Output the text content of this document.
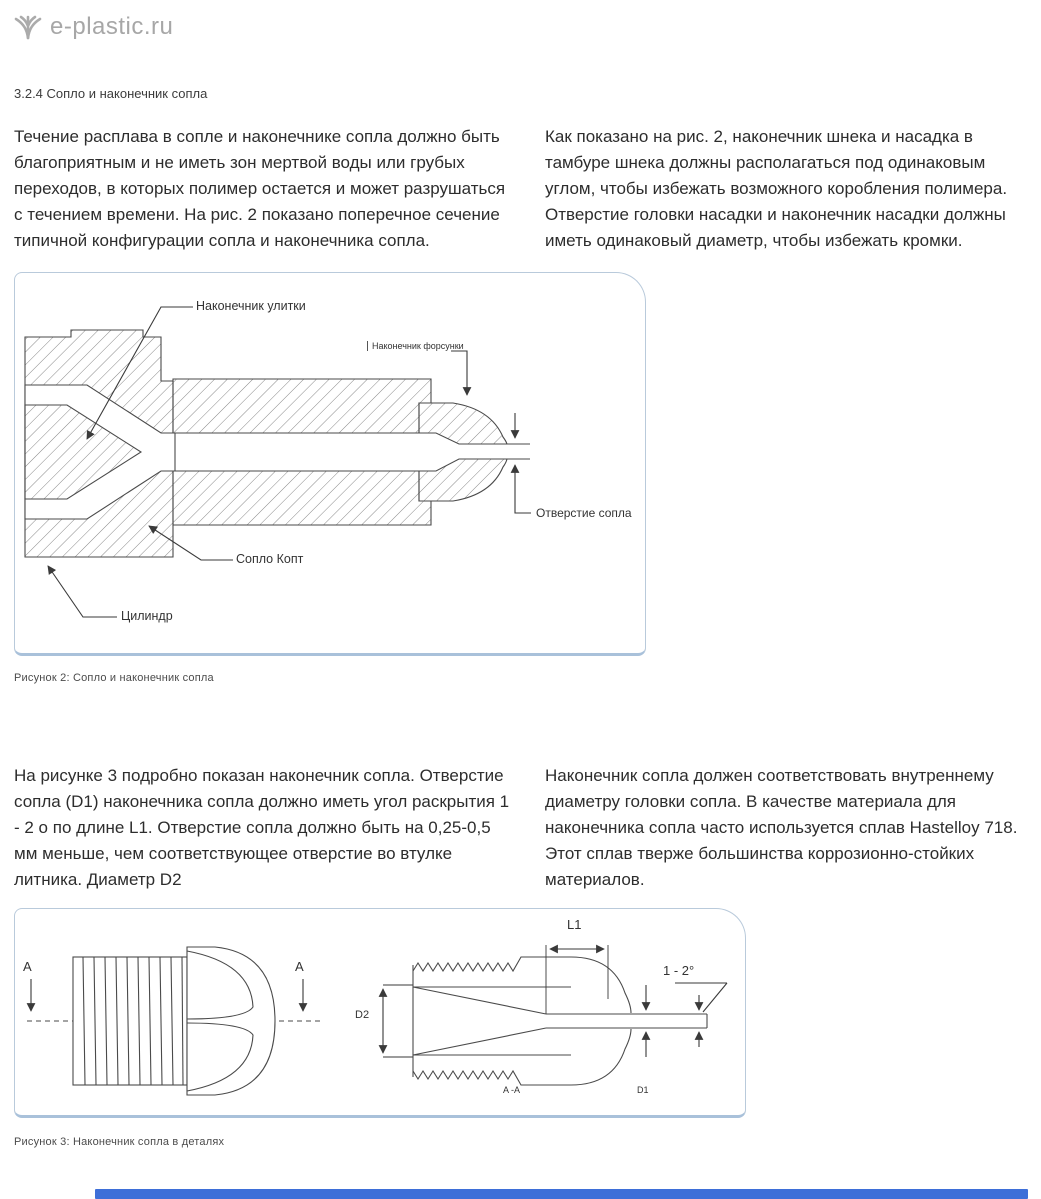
e-plastic.ru
3.2.4 Сопло и наконечник сопла
Течение расплава в сопле и наконечнике сопла должно быть благоприятным и не иметь зон мертвой воды или грубых переходов, в которых полимер остается и может разрушаться с течением времени. На рис. 2 показано поперечное сечение типичной конфигурации сопла и наконечника сопла.
Как показано на рис. 2, наконечник шнека и насадка в тамбуре шнека должны располагаться под одинаковым углом, чтобы избежать возможного коробления полимера. Отверстие головки насадки и наконечник насадки должны иметь одинаковый диаметр, чтобы избежать кромки.
Наконечник улитки
Наконечник форсунки
Отверстие сопла
Сопло Копт
Цилиндр
Рисунок 2: Сопло и наконечник сопла
На рисунке 3 подробно показан наконечник сопла. Отверстие сопла (D1) наконечника сопла должно иметь угол раскрытия 1 - 2 о по длине L1. Отверстие сопла должно быть на 0,25-0,5 мм меньше, чем соответствующее отверстие во втулке литника. Диаметр D2
Наконечник сопла должен соответствовать внутреннему диаметру головки сопла. В качестве материала для наконечника сопла часто используется сплав Hastelloy 718. Этот сплав тверже большинства коррозионно-стойких материалов.
A	A
D2
L1
1 - 2°
D1
A -A
Рисунок 3: Наконечник сопла в деталях
